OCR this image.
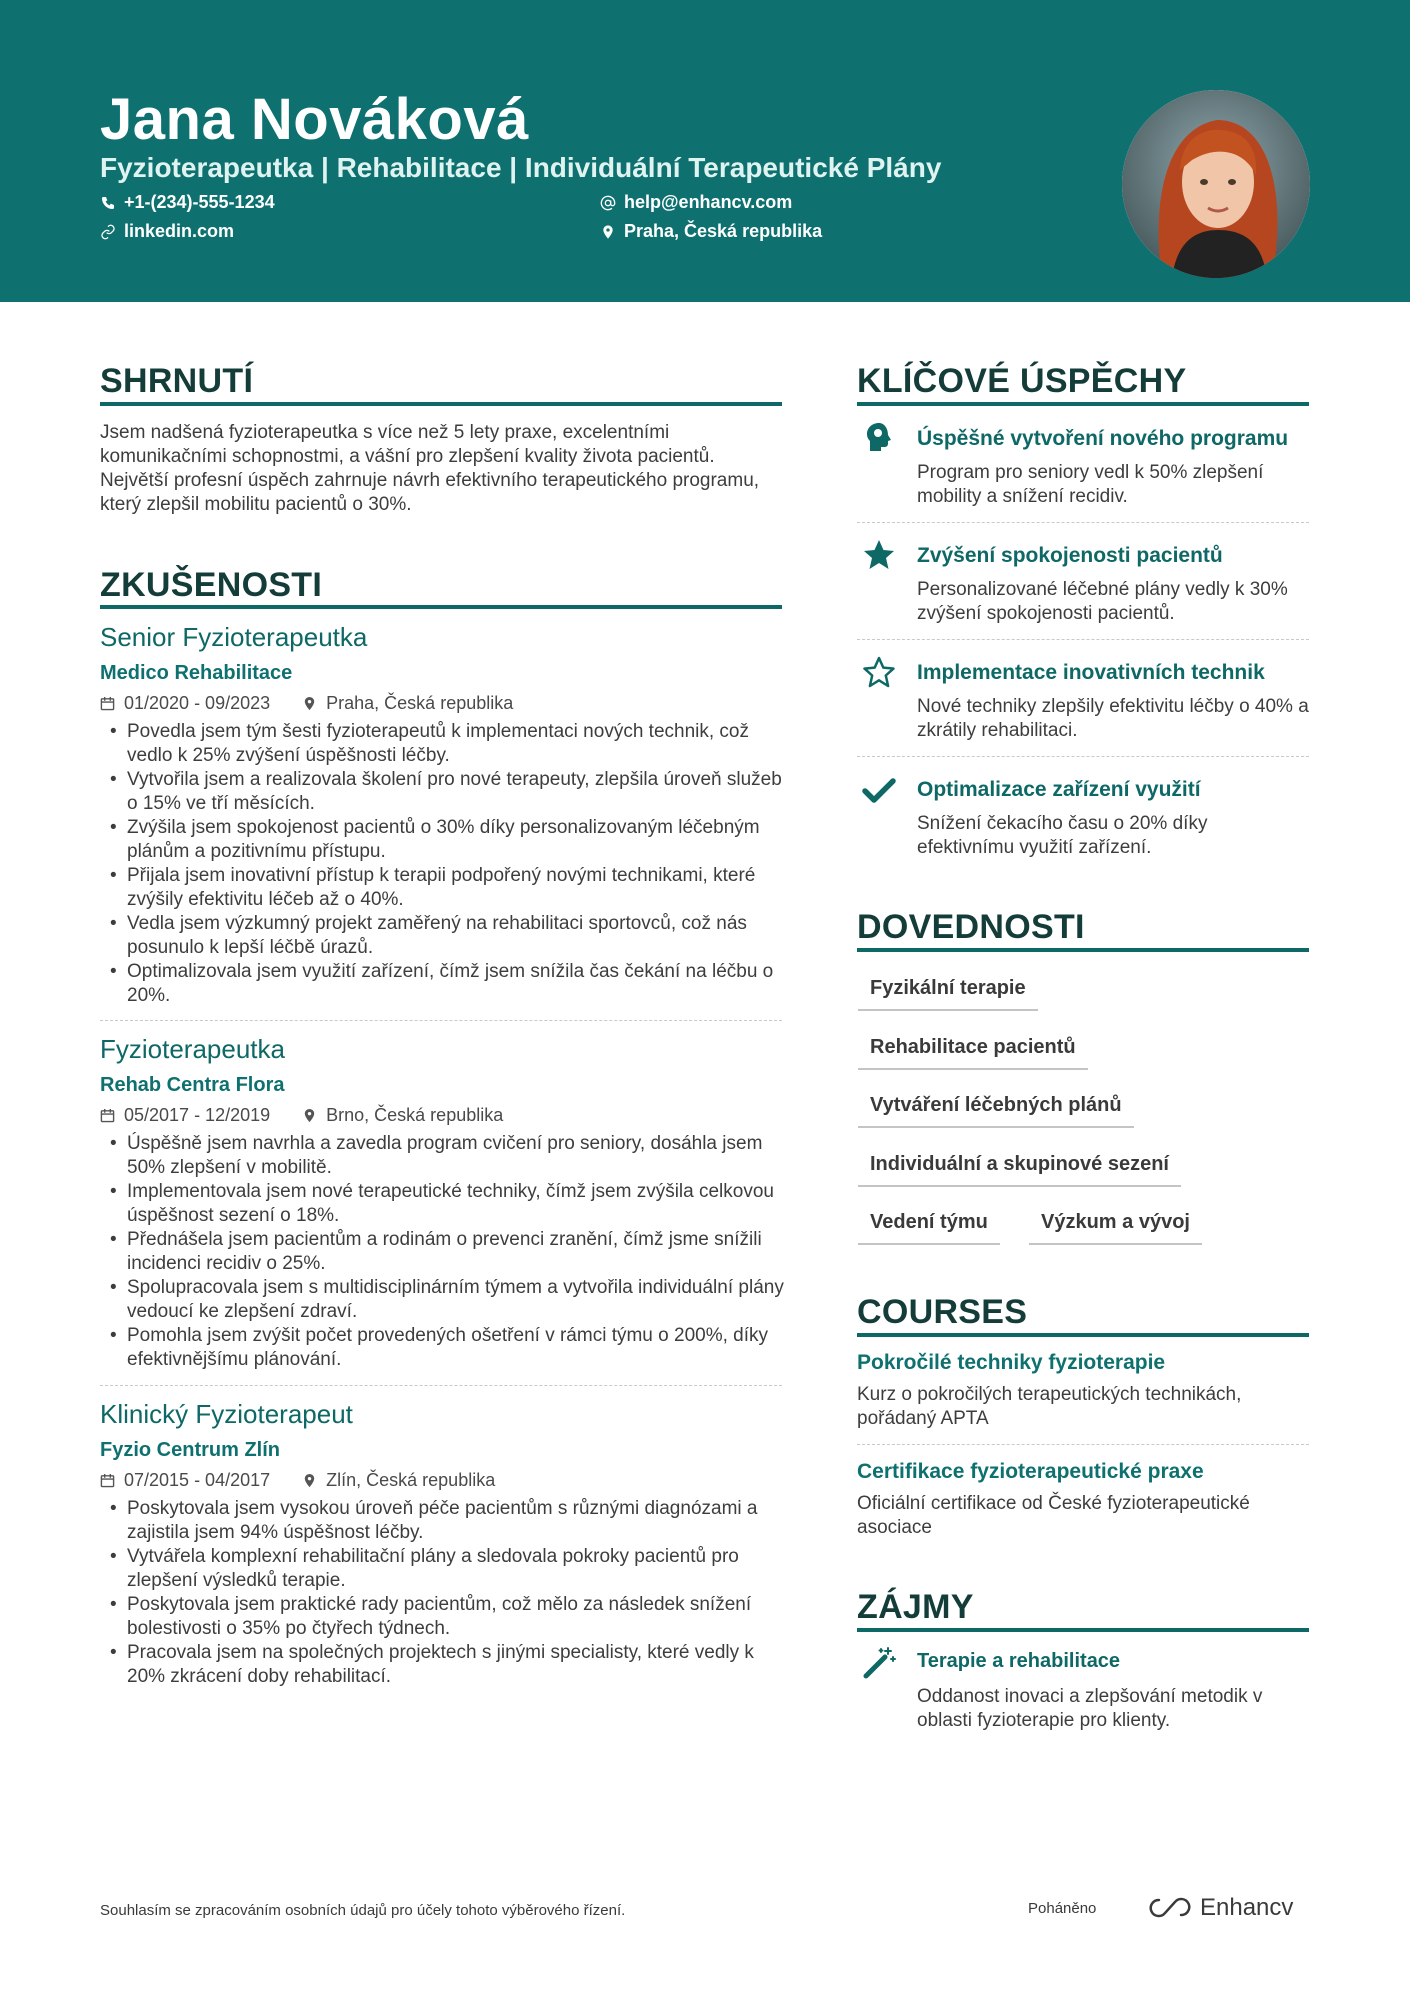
Jana Nováková
Fyzioterapeutka | Rehabilitace | Individuální Terapeutické Plány
+1-(234)-555-1234	help@enhancv.com
linkedin.com	Praha, Česká republika
SHRNUTÍ
Jsem nadšená fyzioterapeutka s více než 5 lety praxe, excelentními komunikačními schopnostmi, a vášní pro zlepšení kvality života pacientů. Největší profesní úspěch zahrnuje návrh efektivního terapeutického programu, který zlepšil mobilitu pacientů o 30%.
ZKUŠENOSTI
Senior Fyzioterapeutka
Medico Rehabilitace
01/2020 - 09/2023	Praha, Česká republika
• Povedla jsem tým šesti fyzioterapeutů k implementaci nových technik, což vedlo k 25% zvýšení úspěšnosti léčby.
• Vytvořila jsem a realizovala školení pro nové terapeuty, zlepšila úroveň služeb o 15% ve tří měsících.
• Zvýšila jsem spokojenost pacientů o 30% díky personalizovaným léčebným plánům a pozitivnímu přístupu.
• Přijala jsem inovativní přístup k terapii podpořený novými technikami, které zvýšily efektivitu léčeb až o 40%.
• Vedla jsem výzkumný projekt zaměřený na rehabilitaci sportovců, což nás posunulo k lepší léčbě úrazů.
• Optimalizovala jsem využití zařízení, čímž jsem snížila čas čekání na léčbu o 20%.
Fyzioterapeutka
Rehab Centra Flora
05/2017 - 12/2019	Brno, Česká republika
• Úspěšně jsem navrhla a zavedla program cvičení pro seniory, dosáhla jsem 50% zlepšení v mobilitě.
• Implementovala jsem nové terapeutické techniky, čímž jsem zvýšila celkovou úspěšnost sezení o 18%.
• Přednášela jsem pacientům a rodinám o prevenci zranění, čímž jsme snížili incidenci recidiv o 25%.
• Spolupracovala jsem s multidisciplinárním týmem a vytvořila individuální plány vedoucí ke zlepšení zdraví.
• Pomohla jsem zvýšit počet provedených ošetření v rámci týmu o 200%, díky efektivnějšímu plánování.
Klinický Fyzioterapeut
Fyzio Centrum Zlín
07/2015 - 04/2017	Zlín, Česká republika
• Poskytovala jsem vysokou úroveň péče pacientům s různými diagnózami a zajistila jsem 94% úspěšnost léčby.
• Vytvářela komplexní rehabilitační plány a sledovala pokroky pacientů pro zlepšení výsledků terapie.
• Poskytovala jsem praktické rady pacientům, což mělo za následek snížení bolestivosti o 35% po čtyřech týdnech.
• Pracovala jsem na společných projektech s jinými specialisty, které vedly k 20% zkrácení doby rehabilitací.
KLÍČOVÉ ÚSPĚCHY
Úspěšné vytvoření nového programu
Program pro seniory vedl k 50% zlepšení mobility a snížení recidiv.
Zvýšení spokojenosti pacientů
Personalizované léčebné plány vedly k 30% zvýšení spokojenosti pacientů.
Implementace inovativních technik
Nové techniky zlepšily efektivitu léčby o 40% a zkrátily rehabilitaci.
Optimalizace zařízení využití
Snížení čekacího času o 20% díky efektivnímu využití zařízení.
DOVEDNOSTI
Fyzikální terapie
Rehabilitace pacientů
Vytváření léčebných plánů
Individuální a skupinové sezení
Vedení týmu	Výzkum a vývoj
COURSES
Pokročilé techniky fyzioterapie
Kurz o pokročilých terapeutických technikách, pořádaný APTA
Certifikace fyzioterapeutické praxe
Oficiální certifikace od České fyzioterapeutické asociace
ZÁJMY
Terapie a rehabilitace
Oddanost inovaci a zlepšování metodik v oblasti fyzioterapie pro klienty.
Souhlasím se zpracováním osobních údajů pro účely tohoto výběrového řízení.	Poháněno	Enhancv
